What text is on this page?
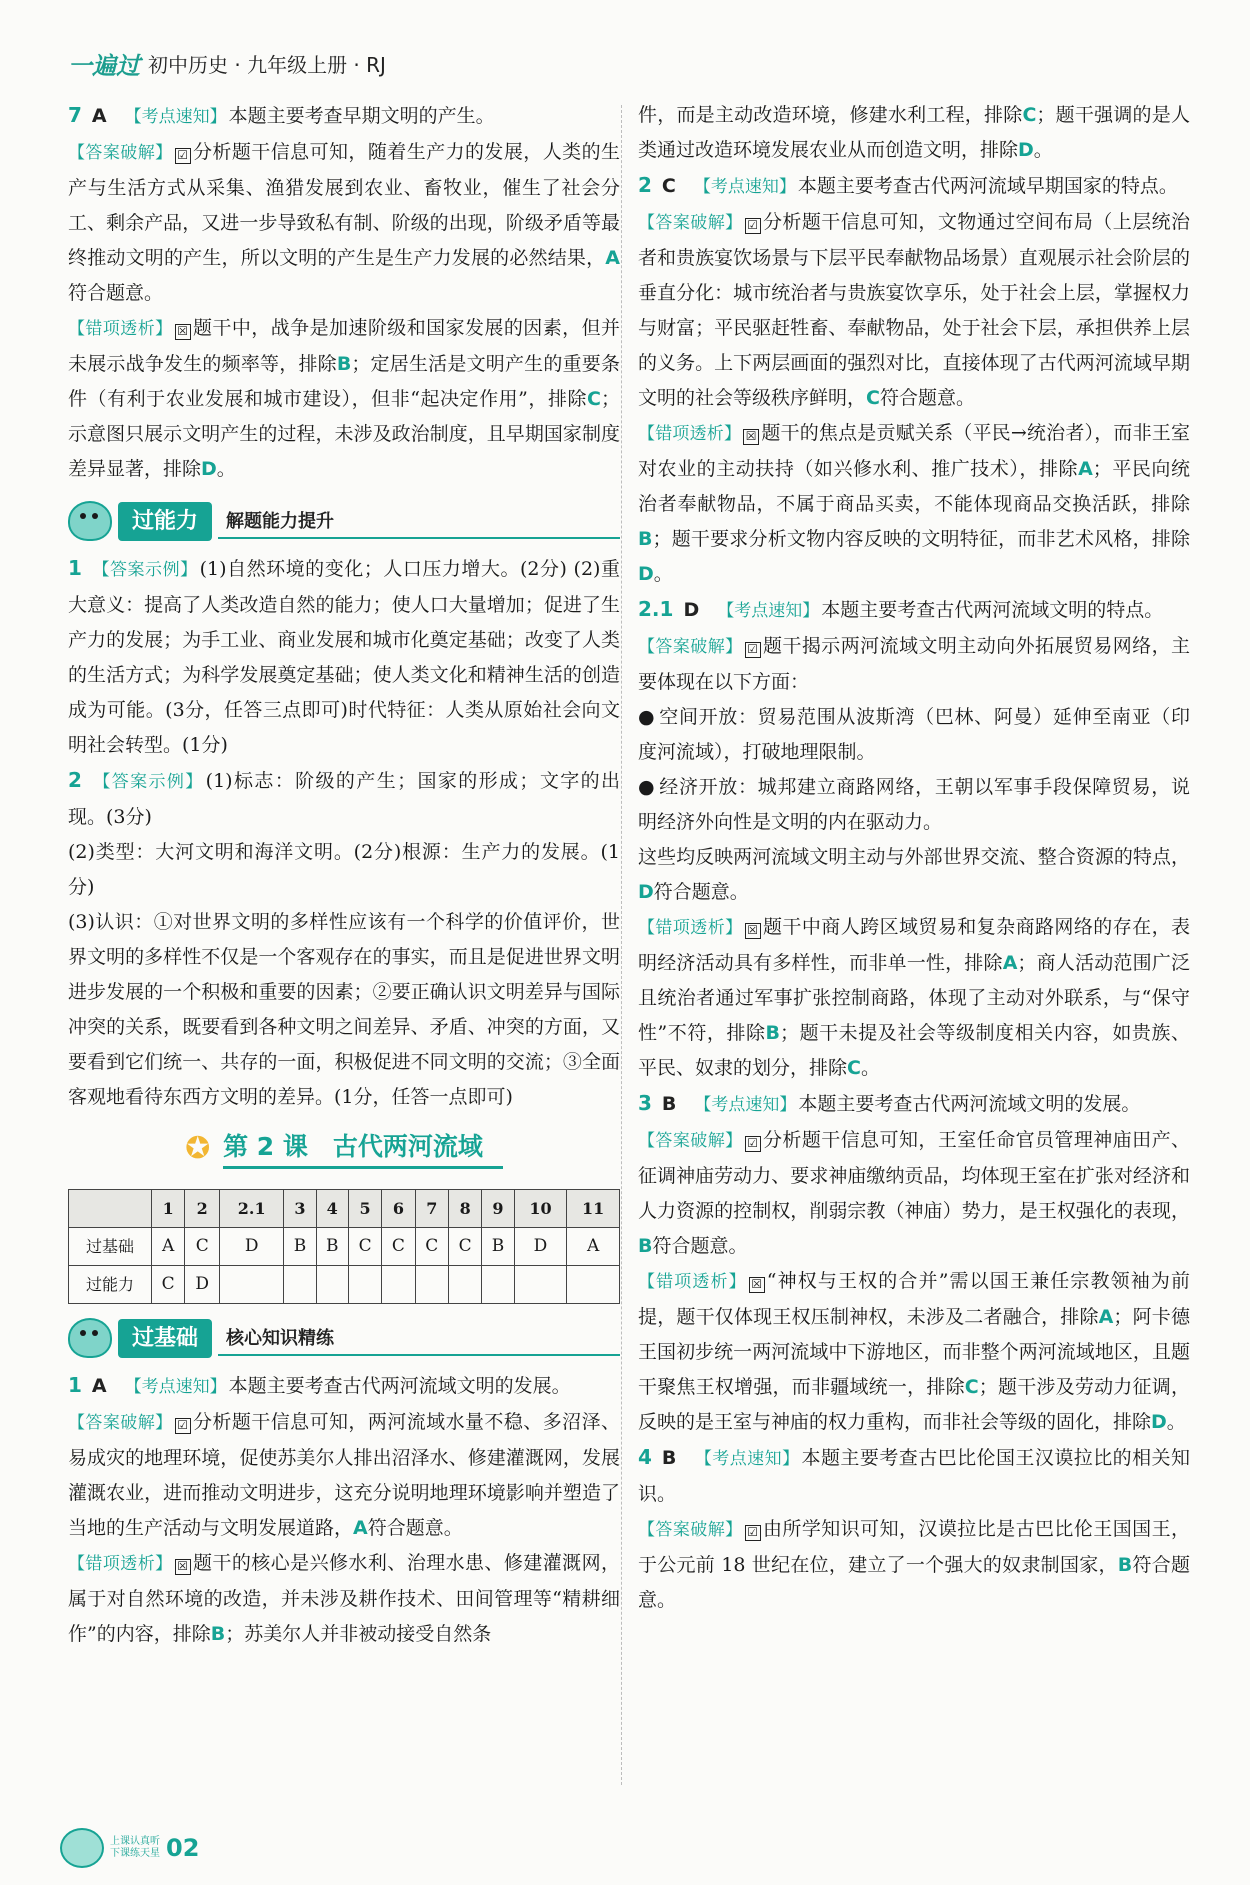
一遍过 初中历史 · 九年级上册 · RJ

7 A 【考点速知】 本题主要考查早期文明的产生。

【答案破解】 ☑ 分析题干信息可知，随着生产力的发展，人类的生产与生活方式从采集、渔猎发展到农业、畜牧业，催生了社会分工、剩余产品，又进一步导致私有制、阶级的出现，阶级矛盾等最终推动文明的产生，所以文明的产生是生产力发展的必然结果，A符合题意。

【错项透析】 ☒ 题干中，战争是加速阶级和国家发展的因素，但并未展示战争发生的频率等，排除B；定居生活是文明产生的重要条件（有利于农业发展和城市建设），但非“起决定作用”，排除C；示意图只展示文明产生的过程，未涉及政治制度，且早期国家制度差异显著，排除D。

过能力	解题能力提升

1 【答案示例】 (1)自然环境的变化；人口压力增大。(2分) (2)重大意义：提高了人类改造自然的能力；使人口大量增加；促进了生产力的发展；为手工业、商业发展和城市化奠定基础；改变了人类的生活方式；为科学发展奠定基础；使人类文化和精神生活的创造成为可能。(3分，任答三点即可)时代特征：人类从原始社会向文明社会转型。(1分)

2 【答案示例】 (1)标志：阶级的产生；国家的形成；文字的出现。(3分)

(2)类型：大河文明和海洋文明。(2分)根源：生产力的发展。(1分)

(3)认识：①对世界文明的多样性应该有一个科学的价值评价，世界文明的多样性不仅是一个客观存在的事实，而且是促进世界文明进步发展的一个积极和重要的因素；②要正确认识文明差异与国际冲突的关系，既要看到各种文明之间差异、矛盾、冲突的方面，又要看到它们统一、共存的一面，积极促进不同文明的交流；③全面客观地看待东西方文明的差异。(1分，任答一点即可)

✪ 第 2 课　古代两河流域
	1	2	2.1	3	4	5	6	7	8	9	10	11
过基础	A	C	D	B	B	C	C	C	C	B	D	A
过能力	C	D										
过基础	核心知识精练

1 A 【考点速知】 本题主要考查古代两河流域文明的发展。

【答案破解】 ☑ 分析题干信息可知，两河流域水量不稳、多沼泽、易成灾的地理环境，促使苏美尔人排出沼泽水、修建灌溉网，发展灌溉农业，进而推动文明进步，这充分说明地理环境影响并塑造了当地的生产活动与文明发展道路，A符合题意。

【错项透析】 ☒ 题干的核心是兴修水利、治理水患、修建灌溉网，属于对自然环境的改造，并未涉及耕作技术、田间管理等“精耕细作”的内容，排除B；苏美尔人并非被动接受自然条

件，而是主动改造环境，修建水利工程，排除C；题干强调的是人类通过改造环境发展农业从而创造文明，排除D。

2 C 【考点速知】 本题主要考查古代两河流域早期国家的特点。

【答案破解】 ☑ 分析题干信息可知，文物通过空间布局（上层统治者和贵族宴饮场景与下层平民奉献物品场景）直观展示社会阶层的垂直分化：城市统治者与贵族宴饮享乐，处于社会上层，掌握权力与财富；平民驱赶牲畜、奉献物品，处于社会下层，承担供养上层的义务。上下两层画面的强烈对比，直接体现了古代两河流域早期文明的社会等级秩序鲜明，C符合题意。

【错项透析】 ☒ 题干的焦点是贡赋关系（平民→统治者），而非王室对农业的主动扶持（如兴修水利、推广技术），排除A；平民向统治者奉献物品，不属于商品买卖，不能体现商品交换活跃，排除B；题干要求分析文物内容反映的文明特征，而非艺术风格，排除D。

2.1 D 【考点速知】 本题主要考查古代两河流域文明的特点。

【答案破解】 ☑ 题干揭示两河流域文明主动向外拓展贸易网络，主要体现在以下方面：

● 空间开放：贸易范围从波斯湾（巴林、阿曼）延伸至南亚（印度河流域），打破地理限制。

● 经济开放：城邦建立商路网络，王朝以军事手段保障贸易，说明经济外向性是文明的内在驱动力。

这些均反映两河流域文明主动与外部世界交流、整合资源的特点，D符合题意。

【错项透析】 ☒ 题干中商人跨区域贸易和复杂商路网络的存在，表明经济活动具有多样性，而非单一性，排除A；商人活动范围广泛且统治者通过军事扩张控制商路，体现了主动对外联系，与“保守性”不符，排除B；题干未提及社会等级制度相关内容，如贵族、平民、奴隶的划分，排除C。

3 B 【考点速知】 本题主要考查古代两河流域文明的发展。

【答案破解】 ☑ 分析题干信息可知，王室任命官员管理神庙田产、征调神庙劳动力、要求神庙缴纳贡品，均体现王室在扩张对经济和人力资源的控制权，削弱宗教（神庙）势力，是王权强化的表现，B符合题意。

【错项透析】 ☒ “神权与王权的合并”需以国王兼任宗教领袖为前提，题干仅体现王权压制神权，未涉及二者融合，排除A；阿卡德王国初步统一两河流域中下游地区，而非整个两河流域地区，且题干聚焦王权增强，而非疆域统一，排除C；题干涉及劳动力征调，反映的是王室与神庙的权力重构，而非社会等级的固化，排除D。

4 B 【考点速知】 本题主要考查古巴比伦国王汉谟拉比的相关知识。

【答案破解】 ☑ 由所学知识可知，汉谟拉比是古巴比伦王国国王，于公元前 18 世纪在位，建立了一个强大的奴隶制国家，B符合题意。

上课认真听
下课练天星 02
